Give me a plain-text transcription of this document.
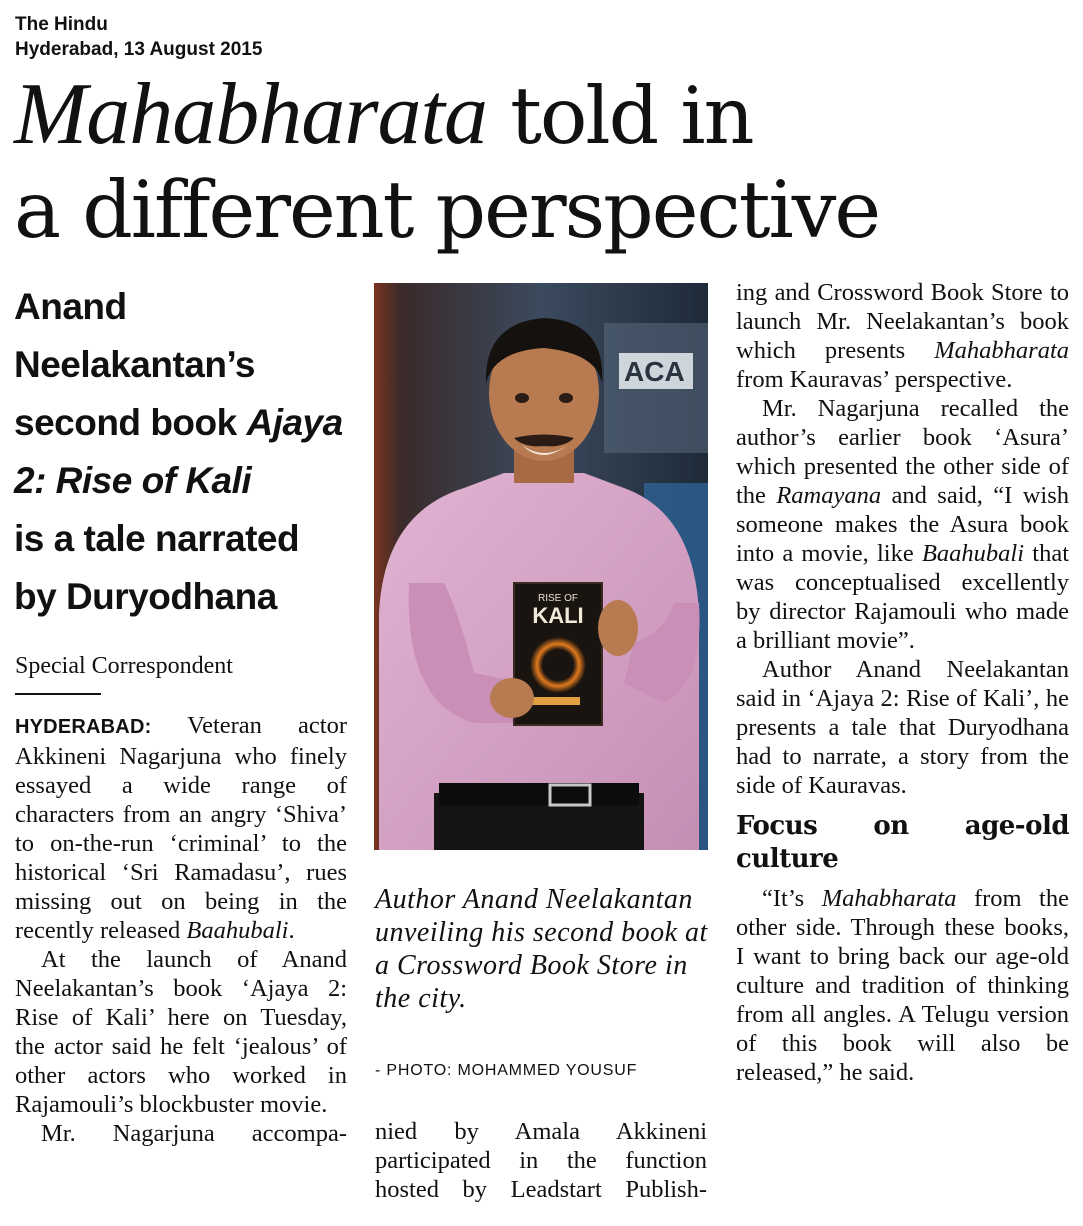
The Hindu
Hyderabad, 13 August 2015
Mahabharata told in
a different perspective
Anand
Neelakantan’s
second book Ajaya
2: Rise of Kali
is a tale narrated
by Duryodhana
Special Correspondent

HYDERABAD: Veteran actor Akkineni Nagarjuna who finely essayed a wide range of characters from an angry ‘Shiva’ to on-the-run ‘criminal’ to the historical ‘Sri Ramadasu’, rues missing out on being in the recently released Baahubali.

At the launch of Anand Neelakantan’s book ‘Ajaya 2: Rise of Kali’ here on Tuesday, the actor said he felt ‘jealous’ of other actors who worked in Rajamouli’s blockbuster movie.

Mr. Nagarjuna accompa-

ACA
RISE OF
KALI
Author Anand Neelakantan unveiling his second book at a Crossword Book Store in the city.
- PHOTO: MOHAMMED YOUSUF

nied by Amala Akkineni participated in the function hosted by Leadstart Publish-

ing and Crossword Book Store to launch Mr. Neelakantan’s book which presents Mahabharata from Kauravas’ perspective.

Mr. Nagarjuna recalled the author’s earlier book ‘Asura’ which presented the other side of the Ramayana and said, “I wish someone makes the Asura book into a movie, like Baahubali that was conceptualised excellently by director Rajamouli who made a brilliant movie”.

Author Anand Neelakantan said in ‘Ajaya 2: Rise of Kali’, he presents a tale that Duryodhana had to narrate, a story from the side of Kauravas.

Focus on age-old culture

“It’s Mahabharata from the other side. Through these books, I want to bring back our age-old culture and tradition of thinking from all angles. A Telugu version of this book will also be released,” he said.
